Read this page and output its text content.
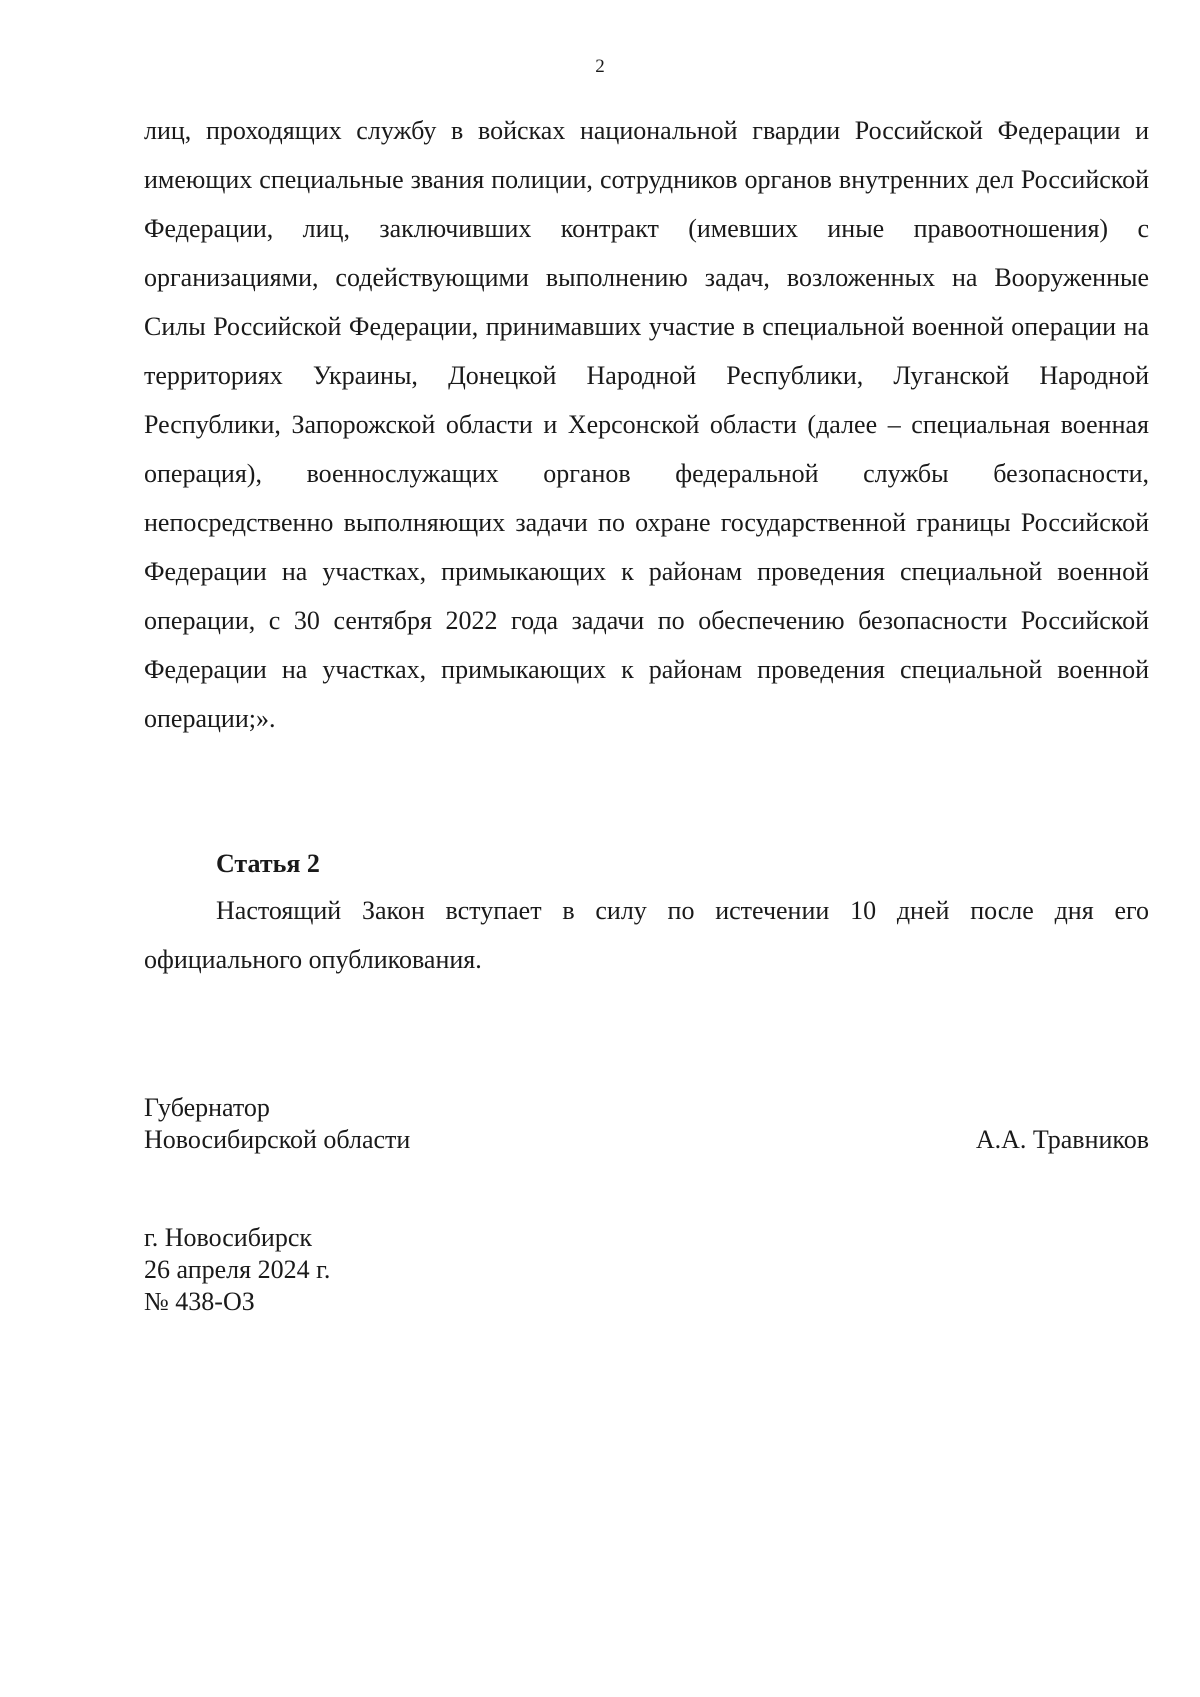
2

лиц, проходящих службу в войсках национальной гвардии Российской Федерации и имеющих специальные звания полиции, сотрудников органов внутренних дел Российской Федерации, лиц, заключивших контракт (имевших иные правоотношения) с организациями, содействующими выполнению задач, возложенных на Вооруженные Силы Российской Федерации, принимавших участие в специальной военной операции на территориях Украины, Донецкой Народной Республики, Луганской Народной Республики, Запорожской области и Херсонской области (далее – специальная военная операция), военнослужащих органов федеральной службы безопасности, непосредственно выполняющих задачи по охране государственной границы Российской Федерации на участках, примыкающих к районам проведения специальной военной операции, с 30 сентября 2022 года задачи по обеспечению безопасности Российской Федерации на участках, примыкающих к районам проведения специальной военной операции;».

Статья 2

Настоящий Закон вступает в силу по истечении 10 дней после дня его официального опубликования.

Губернатор
Новосибирской области	А.А. Травников
г. Новосибирск
26 апреля 2024 г.
№ 438-ОЗ
